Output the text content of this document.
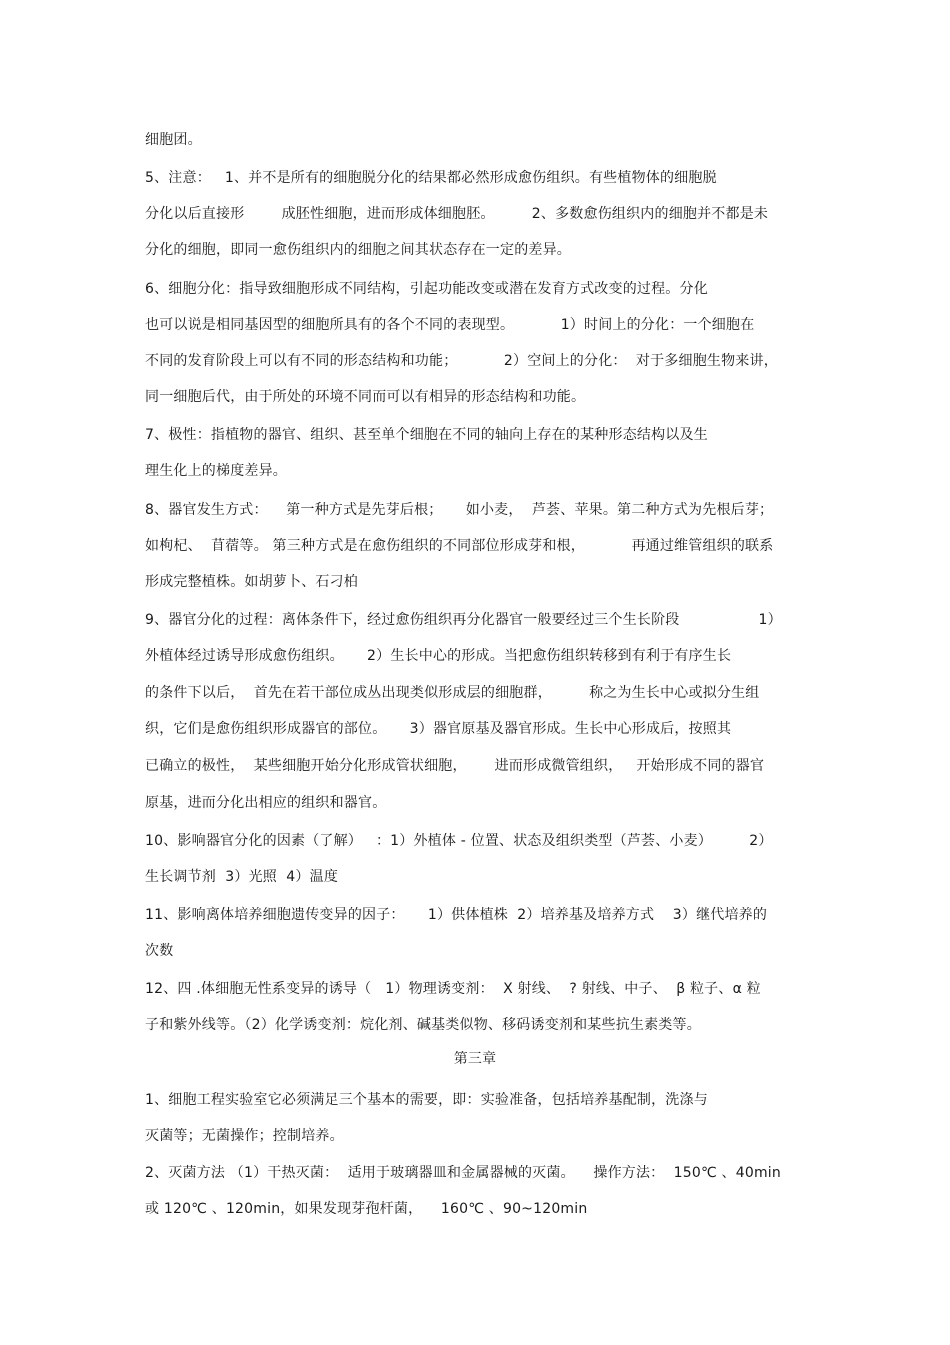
细胞团。
5、注意：   1、并不是所有的细胞脱分化的结果都必然形成愈伤组织。有些植物体的细胞脱
分化以后直接形        成胚性细胞，进而形成体细胞胚。        2、多数愈伤组织内的细胞并不都是未
分化的细胞，即同一愈伤组织内的细胞之间其状态存在一定的差异。
6、细胞分化：指导致细胞形成不同结构，引起功能改变或潜在发育方式改变的过程。分化
也可以说是相同基因型的细胞所具有的各个不同的表现型。          1）时间上的分化：一个细胞在
不同的发育阶段上可以有不同的形态结构和功能；          2）空间上的分化：  对于多细胞生物来讲，
同一细胞后代，由于所处的环境不同而可以有相异的形态结构和功能。
7、极性：指植物的器官、组织、甚至单个细胞在不同的轴向上存在的某种形态结构以及生
理生化上的梯度差异。
8、器官发生方式：    第一种方式是先芽后根；     如小麦，  芦荟、苹果。第二种方式为先根后芽；
如枸杞、  苜蓿等。 第三种方式是在愈伤组织的不同部位形成芽和根，          再通过维管组织的联系
形成完整植株。如胡萝卜、石刁柏
9、器官分化的过程：离体条件下，经过愈伤组织再分化器官一般要经过三个生长阶段                 1）
外植体经过诱导形成愈伤组织。     2）生长中心的形成。当把愈伤组织转移到有利于有序生长
的条件下以后，  首先在若干部位成丛出现类似形成层的细胞群，        称之为生长中心或拟分生组
织，它们是愈伤组织形成器官的部位。     3）器官原基及器官形成。生长中心形成后，按照其
已确立的极性，  某些细胞开始分化形成管状细胞，      进而形成微管组织，   开始形成不同的器官
原基，进而分化出相应的组织和器官。
10、影响器官分化的因素（了解）   ：1）外植体 - 位置、状态及组织类型（芦荟、小麦）        2）
生长调节剂  3）光照  4）温度
11、影响离体培养细胞遗传变异的因子：     1）供体植株  2）培养基及培养方式    3）继代培养的
次数
12、四 .体细胞无性系变异的诱导（   1）物理诱变剂：  X 射线、  ? 射线、中子、  β 粒子、α 粒
子和紫外线等。（2）化学诱变剂：烷化剂、碱基类似物、移码诱变剂和某些抗生素类等。
第三章
1、细胞工程实验室它必须满足三个基本的需要，即：实验准备，包括培养基配制，洗涤与
灭菌等；无菌操作；控制培养。
2、灭菌方法 （1）干热灭菌：  适用于玻璃器皿和金属器械的灭菌。    操作方法：  150℃ 、40min
或 120℃ 、120min，如果发现芽孢杆菌，    160℃ 、90~120min
